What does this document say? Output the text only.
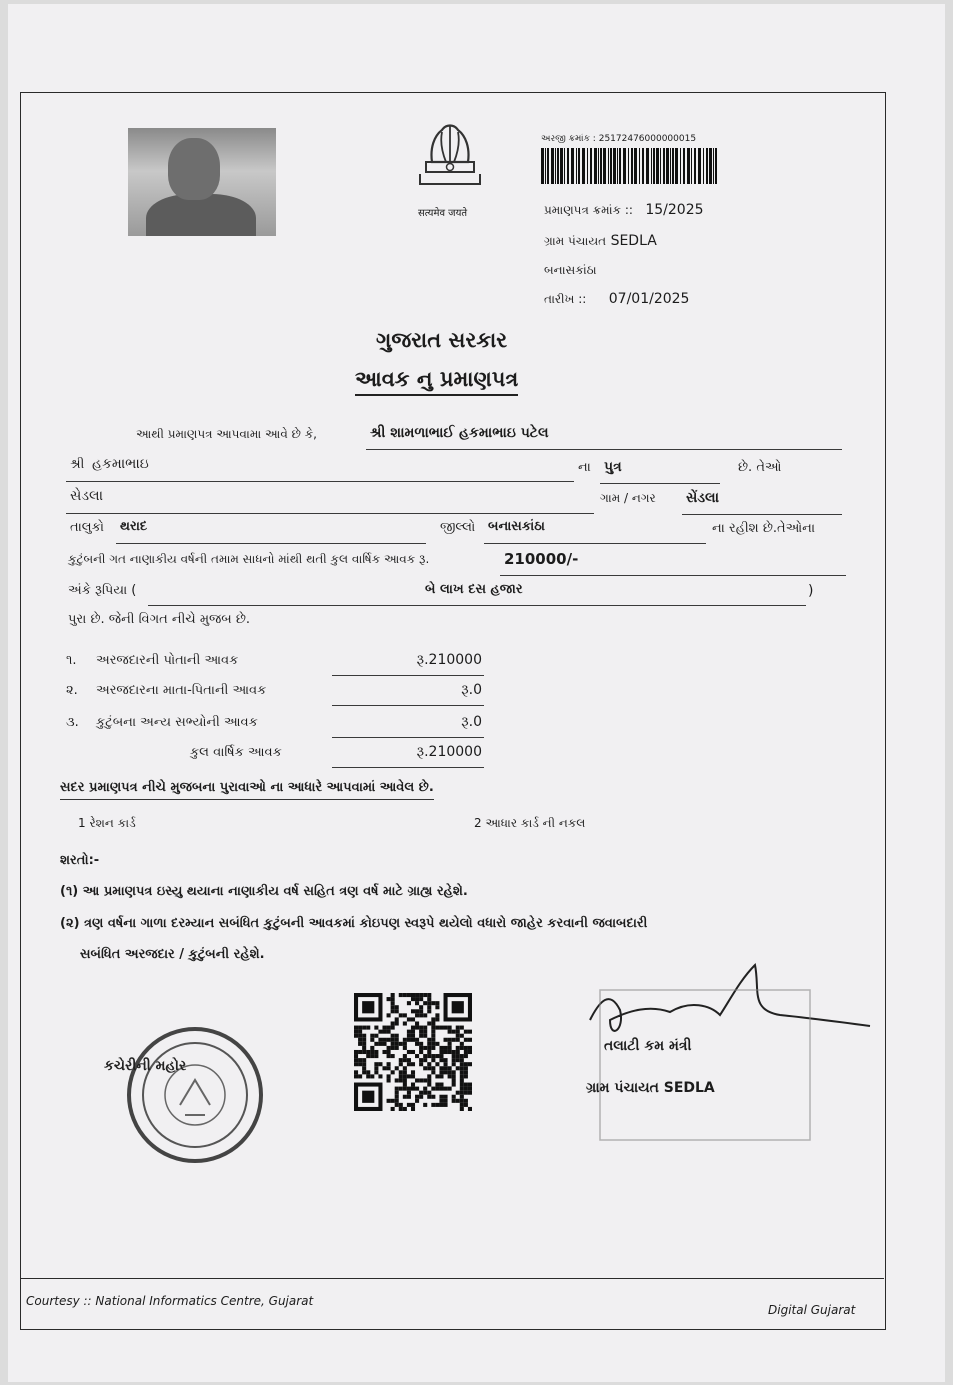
सत्यमेव जयते
અરજી ક્રમાંક : 25172476000000015
પ્રમાણપત્ર ક્રમાંક :: 15/2025
ગ્રામ પંચાયત SEDLA
બનાસકાંઠા
તારીખ :: 07/01/2025
ગુજરાત સરકાર
આવક નુ પ્રમાણપત્ર
આથી પ્રમાણપત્ર આપવામા આવે છે કે,	શ્રી શામળાભાઈ હકમાભાઇ પટેલ
શ્રી હકમાભાઇ	ના પુત્ર	છે. તેઓ
સેડલા	ગામ / નગર સેંડલા
તાલુકો થરાદ	જીલ્લો બનાસકાંઠા	ના રહીશ છે.તેઓના
કુટુંબની ગત નાણાકીય વર્ષની તમામ સાધનો માંથી થતી કુલ વાર્ષિક આવક રૂ.	210000/-
અંકે રૂપિયા (	બે લાખ દસ હજાર	)
પુરા છે. જેની વિગત નીચે મુજબ છે.
૧. અરજદારની પોતાની આવક	રૂ.210000
૨. અરજદારના માતા-પિતાની આવક	રૂ.0
૩. કુટુંબના અન્ય સભ્યોની આવક	રૂ.0
કુલ વાર્ષિક આવક	રૂ.210000
સદર પ્રમાણપત્ર નીચે મુજબના પુરાવાઓ ના આધારે આપવામાં આવેલ છે.
1 રેશન કાર્ડ	2 આધાર કાર્ડ ની નકલ
શરતો:-
(૧) આ પ્રમાણપત્ર ઇસ્યુ થયાના નાણાકીય વર્ષ સહિત ત્રણ વર્ષ માટે ગ્રાહ્ય રહેશે.
(૨) ત્રણ વર્ષના ગાળા દરમ્યાન સબંધિત કુટુંબની આવકમાં કોઇપણ સ્વરૂપે થયેલો વધારો જાહેર કરવાની જવાબદારી
સબંધિત અરજદાર / કુટુંબની રહેશે.
કચેરીની મહોર
તલાટી કમ મંત્રી
ગ્રામ પંચાયત SEDLA
Courtesy :: National Informatics Centre, Gujarat
Digital Gujarat
